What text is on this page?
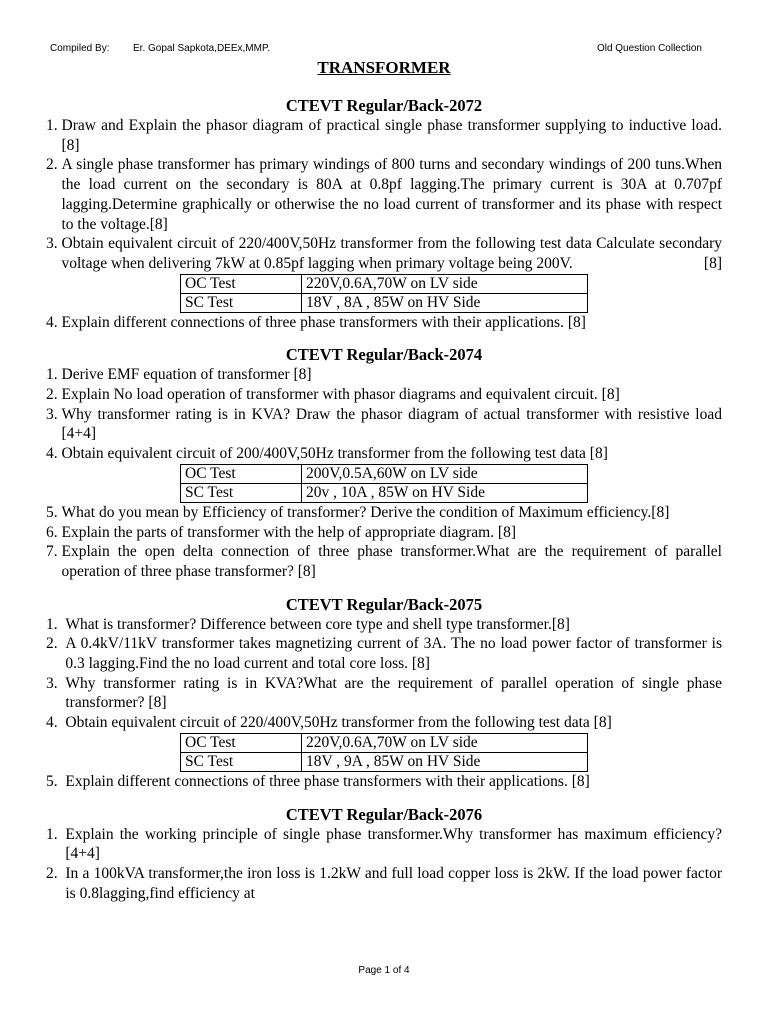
Compiled By: Er. Gopal Sapkota,DEEx,MMP.	Old Question Collection
TRANSFORMER
CTEVT Regular/Back-2072
1. Draw and Explain the phasor diagram of practical single phase transformer supplying to inductive load.[8]
2. A single phase transformer has primary windings of 800 turns and secondary windings of 200 tuns.When the load current on the secondary is 80A at 0.8pf lagging.The primary current is 30A at 0.707pf lagging.Determine graphically or otherwise the no load current of transformer and its phase with respect to the voltage.[8]
3. Obtain equivalent circuit of 220/400V,50Hz transformer from the following test data Calculate secondary voltage when delivering 7kW at 0.85pf lagging when primary voltage being 200V.	[8]
OC Test	220V,0.6A,70W on LV side
SC Test	18V , 8A , 85W on HV Side
4. Explain different connections of three phase transformers with their applications. [8]
CTEVT Regular/Back-2074
1. Derive EMF equation of transformer [8]
2. Explain No load operation of transformer with phasor diagrams and equivalent circuit. [8]
3. Why transformer rating is in KVA? Draw the phasor diagram of actual transformer with resistive load [4+4]
4. Obtain equivalent circuit of 200/400V,50Hz transformer from the following test data [8]
OC Test	200V,0.5A,60W on LV side
SC Test	20v , 10A , 85W on HV Side
5. What do you mean by Efficiency of transformer? Derive the condition of Maximum efficiency.[8]
6. Explain the parts of transformer with the help of appropriate diagram. [8]
7. Explain the open delta connection of three phase transformer.What are the requirement of parallel operation of three phase transformer? [8]
CTEVT Regular/Back-2075
1. What is transformer? Difference between core type and shell type transformer.[8]
2. A 0.4kV/11kV transformer takes magnetizing current of 3A. The no load power factor of transformer is 0.3 lagging.Find the no load current and total core loss. [8]
3. Why transformer rating is in KVA?What are the requirement of parallel operation of single phase transformer? [8]
4. Obtain equivalent circuit of 220/400V,50Hz transformer from the following test data [8]
OC Test	220V,0.6A,70W on LV side
SC Test	18V , 9A , 85W on HV Side
5. Explain different connections of three phase transformers with their applications. [8]
CTEVT Regular/Back-2076
1. Explain the working principle of single phase transformer.Why transformer has maximum efficiency? [4+4]
2. In a 100kVA transformer,the iron loss is 1.2kW and full load copper loss is 2kW. If the load power factor is 0.8lagging,find efficiency at
Page 1 of 4
